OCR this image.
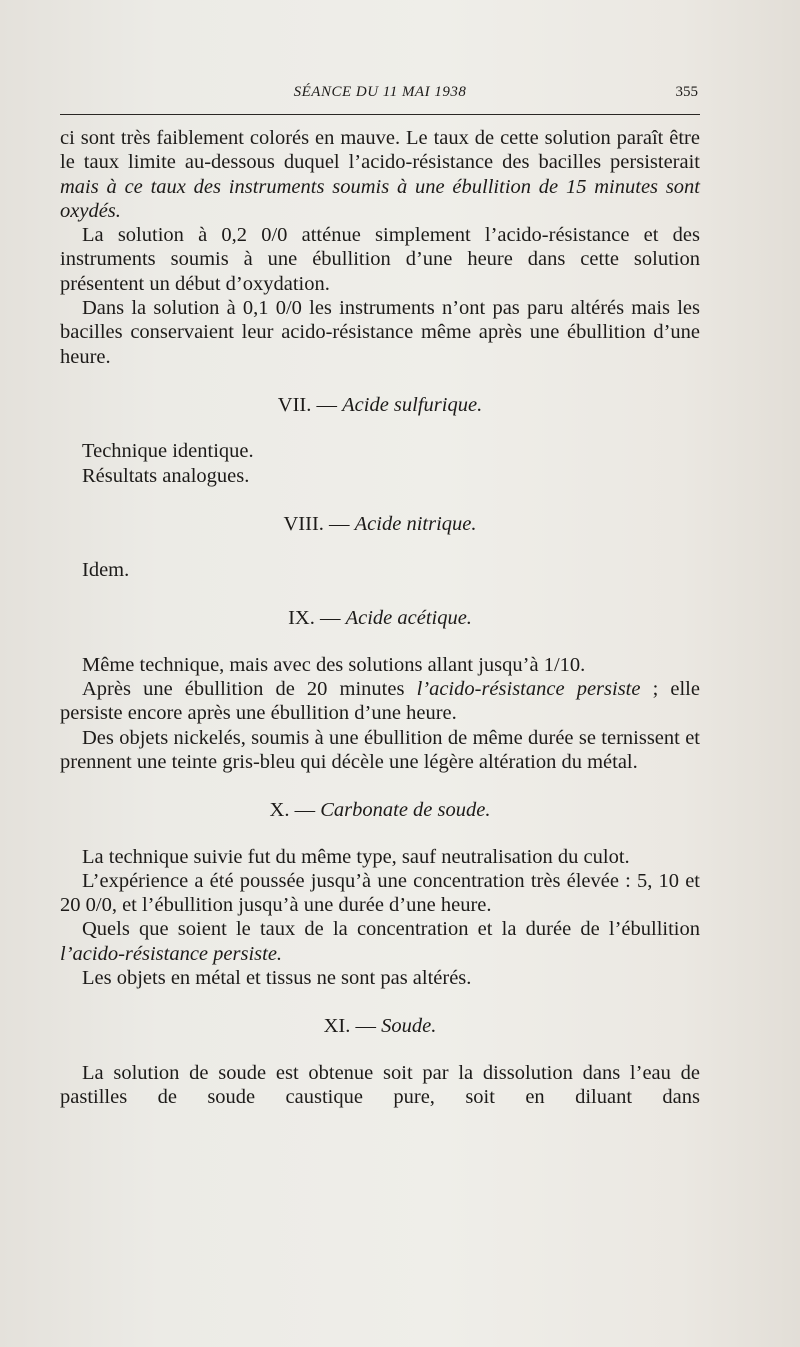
SÉANCE DU 11 MAI 1938	355

ci sont très faiblement colorés en mauve. Le taux de cette solution paraît être le taux limite au-dessous duquel l’acido-résistance des bacilles persisterait mais à ce taux des instruments soumis à une ébullition de 15 minutes sont oxydés.

La solution à 0,2 0/0 atténue simplement l’acido-résistance et des instruments soumis à une ébullition d’une heure dans cette solution présentent un début d’oxydation.

Dans la solution à 0,1 0/0 les instruments n’ont pas paru altérés mais les bacilles conservaient leur acido-résistance même après une ébullition d’une heure.

VII. — Acide sulfurique.

Technique identique.

Résultats analogues.

VIII. — Acide nitrique.

Idem.

IX. — Acide acétique.

Même technique, mais avec des solutions allant jusqu’à 1/10.

Après une ébullition de 20 minutes l’acido-résistance persiste ; elle persiste encore après une ébullition d’une heure.

Des objets nickelés, soumis à une ébullition de même durée se ternissent et prennent une teinte gris-bleu qui décèle une légère altération du métal.

X. — Carbonate de soude.

La technique suivie fut du même type, sauf neutralisation du culot.

L’expérience a été poussée jusqu’à une concentration très élevée : 5, 10 et 20 0/0, et l’ébullition jusqu’à une durée d’une heure.

Quels que soient le taux de la concentration et la durée de l’ébullition l’acido-résistance persiste.

Les objets en métal et tissus ne sont pas altérés.

XI. — Soude.

La solution de soude est obtenue soit par la dissolution dans l’eau de pastilles de soude caustique pure, soit en diluant dans
